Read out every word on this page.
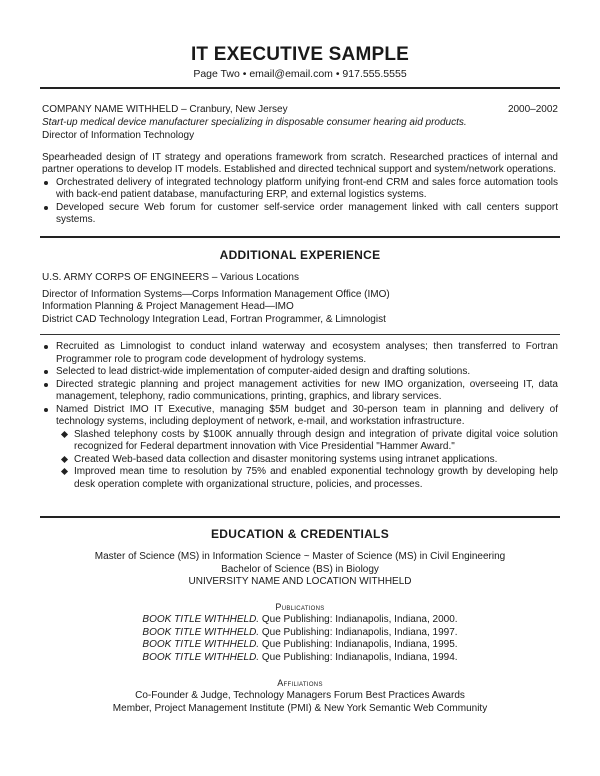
IT EXECUTIVE SAMPLE
Page Two • email@email.com • 917.555.5555
COMPANY NAME WITHHELD – Cranbury, New Jersey	2000–2002
Start-up medical device manufacturer specializing in disposable consumer hearing aid products.
Director of Information Technology
Spearheaded design of IT strategy and operations framework from scratch. Researched practices of internal and partner operations to develop IT models. Established and directed technical support and system/network operations.
Orchestrated delivery of integrated technology platform unifying front-end CRM and sales force automation tools with back-end patient database, manufacturing ERP, and external logistics systems.
Developed secure Web forum for customer self-service order management linked with call centers support systems.
ADDITIONAL EXPERIENCE
U.S. ARMY CORPS OF ENGINEERS – Various Locations
Director of Information Systems—Corps Information Management Office (IMO)
Information Planning & Project Management Head—IMO
District CAD Technology Integration Lead, Fortran Programmer, & Limnologist
Recruited as Limnologist to conduct inland waterway and ecosystem analyses; then transferred to Fortran Programmer role to program code development of hydrology systems.
Selected to lead district-wide implementation of computer-aided design and drafting solutions.
Directed strategic planning and project management activities for new IMO organization, overseeing IT, data management, telephony, radio communications, printing, graphics, and library services.
Named District IMO IT Executive, managing $5M budget and 30-person team in planning and delivery of technology systems, including deployment of network, e-mail, and workstation infrastructure.
Slashed telephony costs by $100K annually through design and integration of private digital voice solution recognized for Federal department innovation with Vice Presidential "Hammer Award."
Created Web-based data collection and disaster monitoring systems using intranet applications.
Improved mean time to resolution by 75% and enabled exponential technology growth by developing help desk operation complete with organizational structure, policies, and processes.
EDUCATION & CREDENTIALS
Master of Science (MS) in Information Science ~ Master of Science (MS) in Civil Engineering
Bachelor of Science (BS) in Biology
UNIVERSITY NAME AND LOCATION WITHHELD
Publications
BOOK TITLE WITHHELD. Que Publishing: Indianapolis, Indiana, 2000.
BOOK TITLE WITHHELD. Que Publishing: Indianapolis, Indiana, 1997.
BOOK TITLE WITHHELD. Que Publishing: Indianapolis, Indiana, 1995.
BOOK TITLE WITHHELD. Que Publishing: Indianapolis, Indiana, 1994.
Affiliations
Co-Founder & Judge, Technology Managers Forum Best Practices Awards
Member, Project Management Institute (PMI) & New York Semantic Web Community
